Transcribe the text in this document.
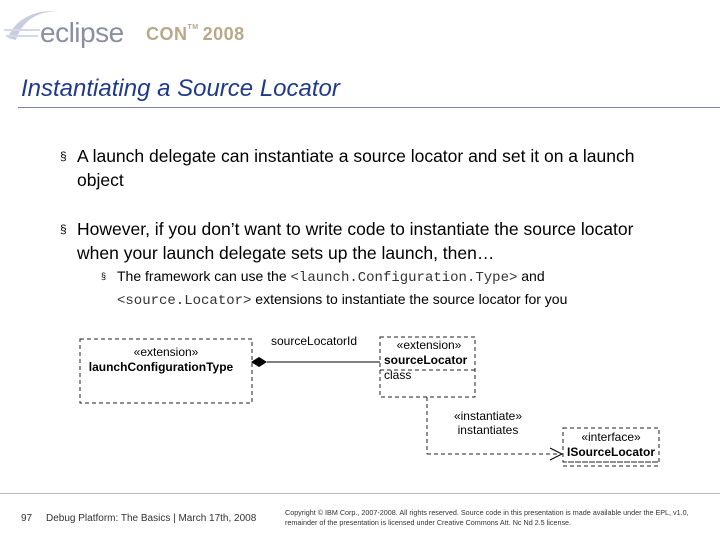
eclipse CON™ 2008
Instantiating a Source Locator
§ A launch delegate can instantiate a source locator and set it on a launch object
§ However, if you don’t want to write code to instantiate the source locator when your launch delegate sets up the launch, then…
§ The framework can use the <launch.Configuration.Type> and <source.Locator> extensions to instantiate the source locator for you
«extension»
launchConfigurationType
sourceLocatorId	«extension»
sourceLocator
class
«instantiate»
instantiates	«interface»
ISourceLocator
97 Debug Platform: The Basics | March 17th, 2008
Copyright © IBM Corp., 2007-2008. All rights reserved. Source code in this presentation is made available under the EPL, v1.0, remainder of the presentation is licensed under Creative Commons Att. Nc Nd 2.5 license.
